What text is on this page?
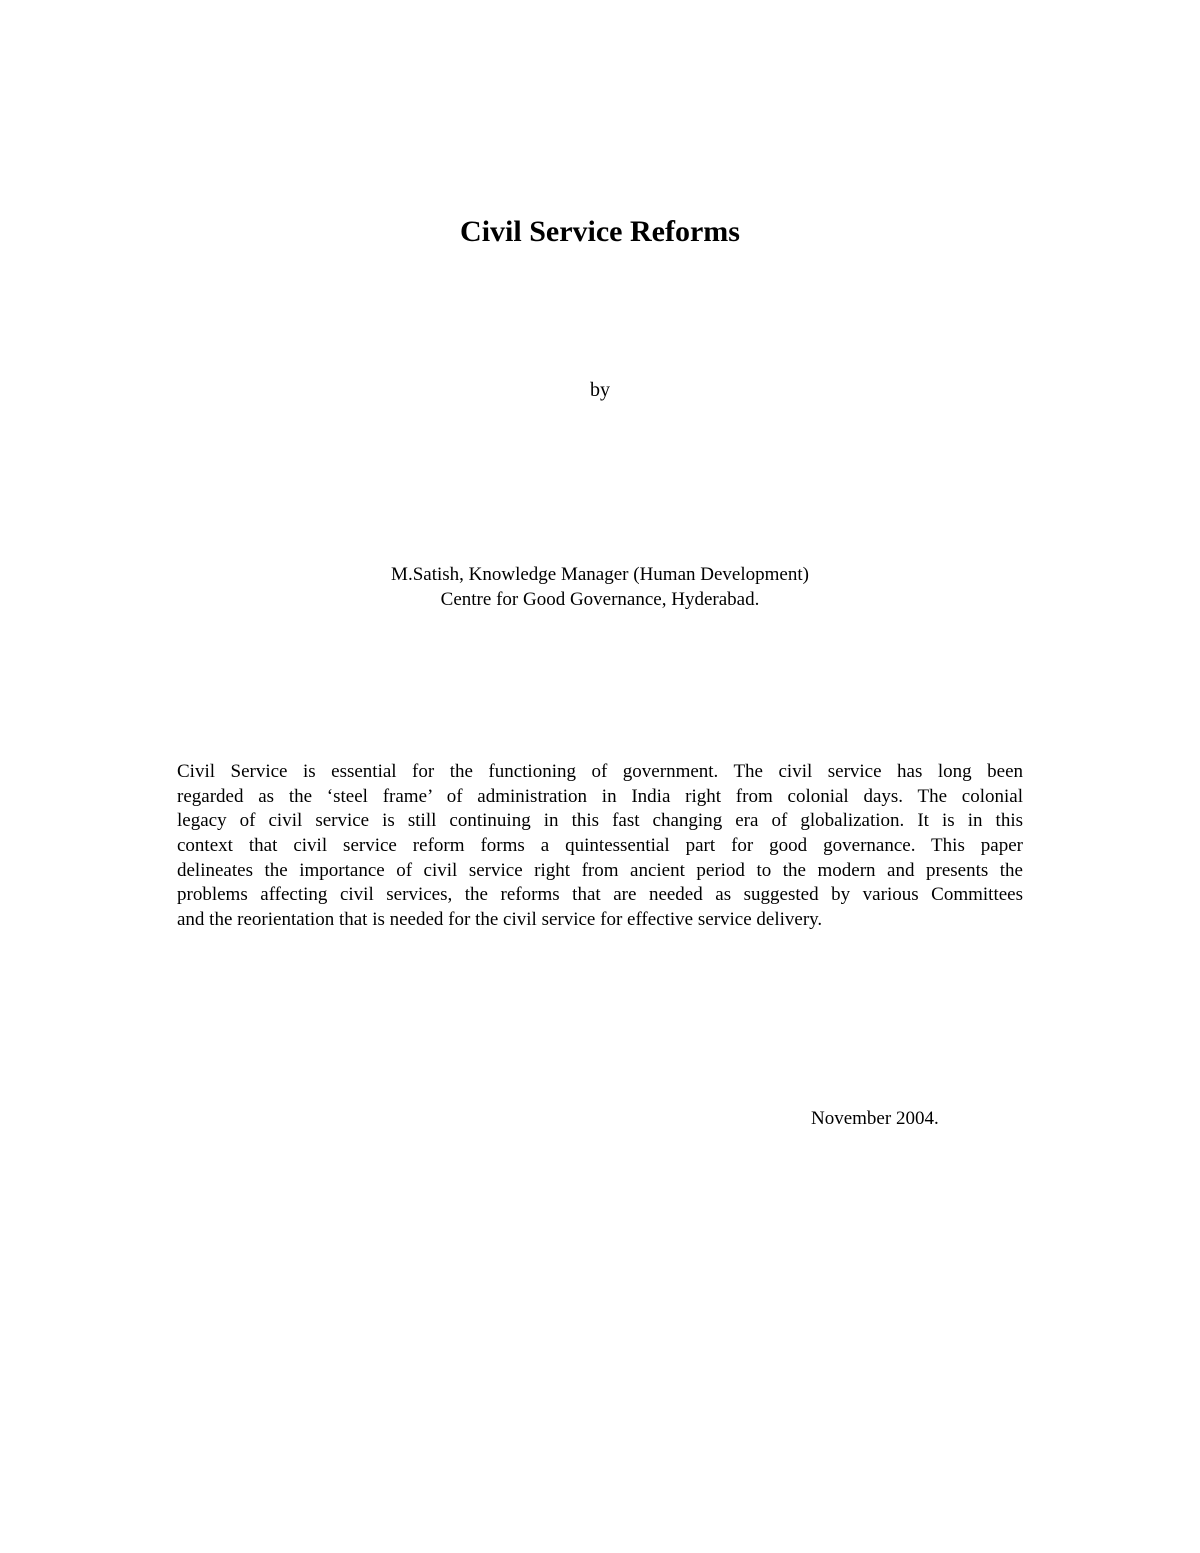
Civil Service Reforms
by
M.Satish, Knowledge Manager (Human Development)
Centre for Good Governance, Hyderabad.
Civil Service is essential for the functioning of government. The civil service has long been
regarded as the ‘steel frame’ of administration in India right from colonial days. The colonial
legacy of civil service is still continuing in this fast changing era of globalization. It is in this
context that civil service reform forms a quintessential part for good governance. This paper
delineates the importance of civil service right from ancient period to the modern and presents the
problems affecting civil services, the reforms that are needed as suggested by various Committees
and the reorientation that is needed for the civil service for effective service delivery.
November 2004.
